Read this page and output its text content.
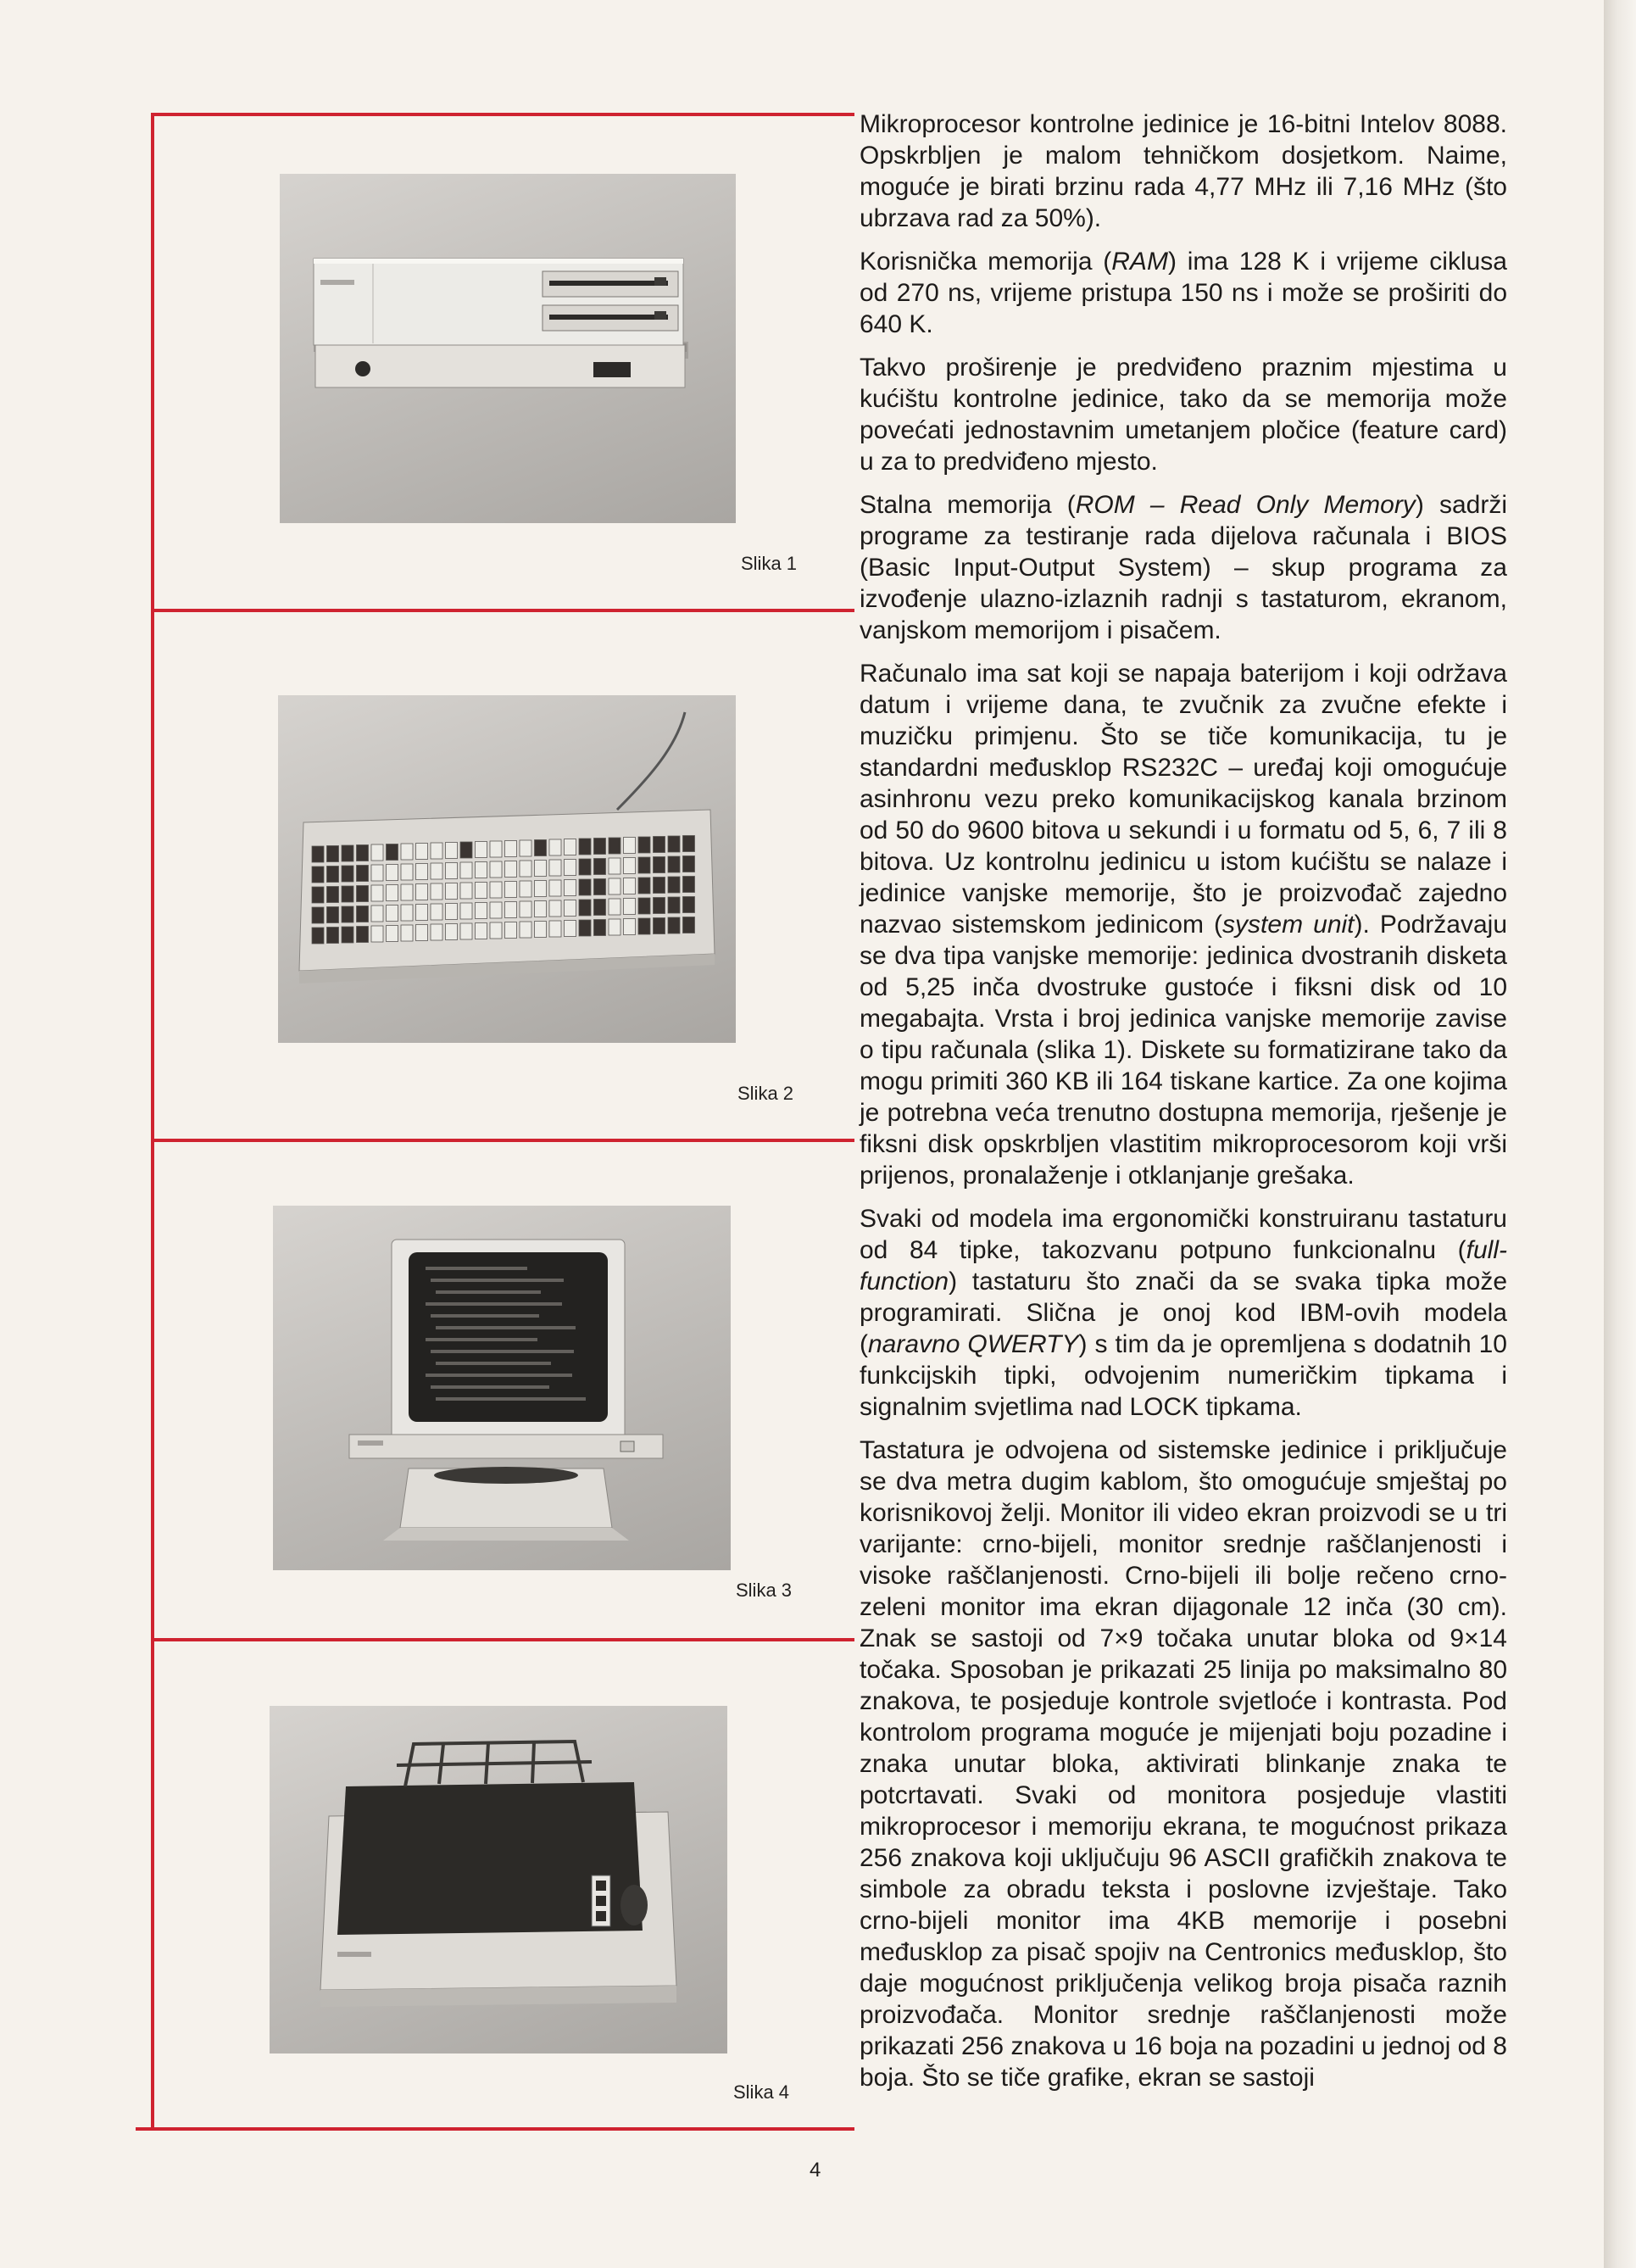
Slika 1
Slika 2
Slika 3
Slika 4

Mikroprocesor kontrolne jedinice je 16-bitni Intelov 8088. Opskrbljen je malom tehničkom dosjetkom. Naime, moguće je birati brzinu rada 4,77 MHz ili 7,16 MHz (što ubrzava rad za 50%).

Korisnička memorija (RAM) ima 128 K i vrijeme ciklusa od 270 ns, vrijeme pristupa 150 ns i može se proširiti do 640 K.

Takvo proširenje je predviđeno praznim mjestima u kućištu kontrolne jedinice, tako da se memorija može povećati jednostavnim umetanjem pločice (feature card) u za to predviđeno mjesto.

Stalna memorija (ROM – Read Only Memory) sadrži programe za testiranje rada dijelova računala i BIOS (Basic Input-Output System) – skup programa za izvođenje ulazno-izlaznih radnji s tastaturom, ekranom, vanjskom memorijom i pisačem.

Računalo ima sat koji se napaja baterijom i koji održava datum i vrijeme dana, te zvučnik za zvučne efekte i muzičku primjenu. Što se tiče komunikacija, tu je standardni međusklop RS232C – uređaj koji omogućuje asinhronu vezu preko komunikacijskog kanala brzinom od 50 do 9600 bitova u sekundi i u formatu od 5, 6, 7 ili 8 bitova. Uz kontrolnu jedinicu u istom kućištu se nalaze i jedinice vanjske memorije, što je proizvođač zajedno nazvao sistemskom jedinicom (system unit). Podržavaju se dva tipa vanjske memorije: jedinica dvostranih disketa od 5,25 inča dvostruke gustoće i fiksni disk od 10 megabajta. Vrsta i broj jedinica vanjske memorije zavise o tipu računala (slika 1). Diskete su formatizirane tako da mogu primiti 360 KB ili 164 tiskane kartice. Za one kojima je potrebna veća trenutno dostupna memorija, rješenje je fiksni disk opskrbljen vlastitim mikroprocesorom koji vrši prijenos, pronalaženje i otklanjanje grešaka.

Svaki od modela ima ergonomički konstruiranu tastaturu od 84 tipke, takozvanu potpuno funkcionalnu (full-function) tastaturu što znači da se svaka tipka može programirati. Slična je onoj kod IBM-ovih modela (naravno QWERTY) s tim da je opremljena s dodatnih 10 funkcijskih tipki, odvojenim numeričkim tipkama i signalnim svjetlima nad LOCK tipkama.

Tastatura je odvojena od sistemske jedinice i priključuje se dva metra dugim kablom, što omogućuje smještaj po korisnikovoj želji. Monitor ili video ekran proizvodi se u tri varijante: crno-bijeli, monitor srednje raščlanjenosti i visoke raščlanjenosti. Crno-bijeli ili bolje rečeno crno-zeleni monitor ima ekran dijagonale 12 inča (30 cm). Znak se sastoji od 7×9 točaka unutar bloka od 9×14 točaka. Sposoban je prikazati 25 linija po maksimalno 80 znakova, te posjeduje kontrole svjetloće i kontrasta. Pod kontrolom programa moguće je mijenjati boju pozadine i znaka unutar bloka, aktivirati blinkanje znaka te potcrtavati. Svaki od monitora posjeduje vlastiti mikroprocesor i memoriju ekrana, te mogućnost prikaza 256 znakova koji uključuju 96 ASCII grafičkih znakova te simbole za obradu teksta i poslovne izvještaje. Tako crno-bijeli monitor ima 4KB memorije i posebni međusklop za pisač spojiv na Centronics međusklop, što daje mogućnost priključenja velikog broja pisača raznih proizvođača. Monitor srednje raščlanjenosti može prikazati 256 znakova u 16 boja na pozadini u jednoj od 8 boja. Što se tiče grafike, ekran se sastoji

4
